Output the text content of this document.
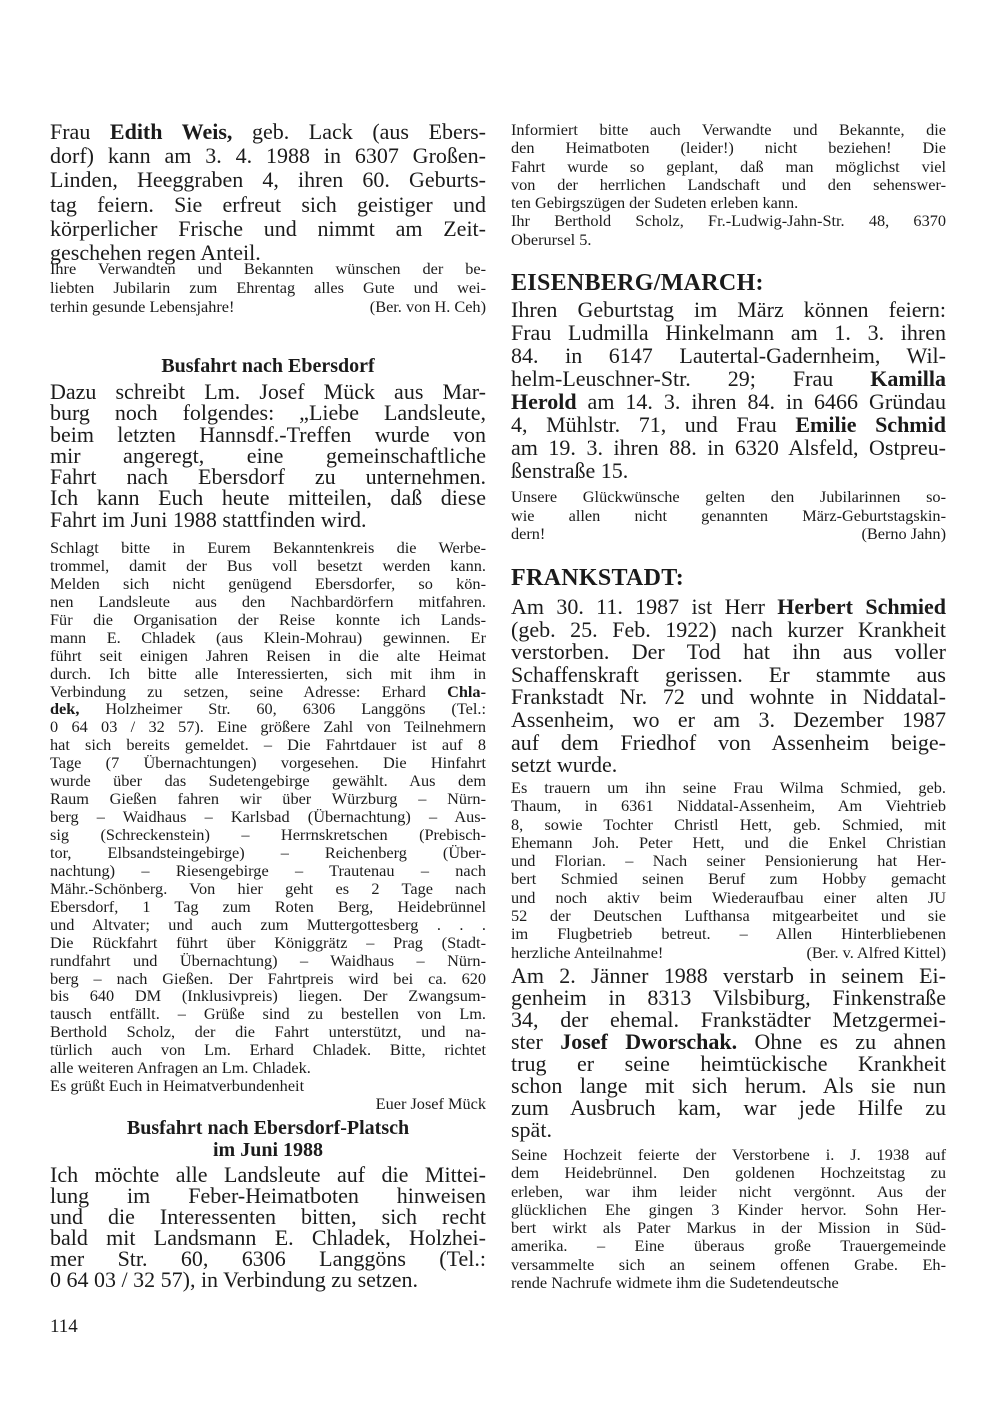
Frau Edith Weis, geb. Lack (aus Ebers-
dorf) kann am 3. 4. 1988 in 6307 Großen-
Linden, Heeggraben 4, ihren 60. Geburts-
tag feiern. Sie erfreut sich geistiger und
körperlicher Frische und nimmt am Zeit-
geschehen regen Anteil.
Ihre Verwandten und Bekannten wünschen der be-
liebten Jubilarin zum Ehrentag alles Gute und wei-
terhin gesunde Lebensjahre!	(Ber. von H. Ceh)
Busfahrt nach Ebersdorf
Dazu schreibt Lm. Josef Mück aus Mar-
burg noch folgendes: „Liebe Landsleute,
beim letzten Hannsdf.-Treffen wurde von
mir angeregt, eine gemeinschaftliche
Fahrt nach Ebersdorf zu unternehmen.
Ich kann Euch heute mitteilen, daß diese
Fahrt im Juni 1988 stattfinden wird.
Schlagt bitte in Eurem Bekanntenkreis die Werbe-
trommel, damit der Bus voll besetzt werden kann.
Melden sich nicht genügend Ebersdorfer, so kön-
nen Landsleute aus den Nachbardörfern mitfahren.
Für die Organisation der Reise konnte ich Lands-
mann E. Chladek (aus Klein-Mohrau) gewinnen. Er
führt seit einigen Jahren Reisen in die alte Heimat
durch. Ich bitte alle Interessierten, sich mit ihm in
Verbindung zu setzen, seine Adresse: Erhard Chla-
dek, Holzheimer Str. 60, 6306 Langgöns (Tel.:
0 64 03 / 32 57). Eine größere Zahl von Teilnehmern
hat sich bereits gemeldet. – Die Fahrtdauer ist auf 8
Tage (7 Übernachtungen) vorgesehen. Die Hinfahrt
wurde über das Sudetengebirge gewählt. Aus dem
Raum Gießen fahren wir über Würzburg – Nürn-
berg – Waidhaus – Karlsbad (Übernachtung) – Aus-
sig (Schreckenstein) – Herrnskretschen (Prebisch-
tor, Elbsandsteingebirge) – Reichenberg (Über-
nachtung) – Riesengebirge – Trautenau – nach
Mähr.-Schönberg. Von hier geht es 2 Tage nach
Ebersdorf, 1 Tag zum Roten Berg, Heidebrünnel
und Altvater; und auch zum Muttergottesberg . . .
Die Rückfahrt führt über Königgrätz – Prag (Stadt-
rundfahrt und Übernachtung) – Waidhaus – Nürn-
berg – nach Gießen. Der Fahrtpreis wird bei ca. 620
bis 640 DM (Inklusivpreis) liegen. Der Zwangsum-
tausch entfällt. – Grüße sind zu bestellen von Lm.
Berthold Scholz, der die Fahrt unterstützt, und na-
türlich auch von Lm. Erhard Chladek. Bitte, richtet
alle weiteren Anfragen an Lm. Chladek.
Es grüßt Euch in Heimatverbundenheit
Euer Josef Mück
Busfahrt nach Ebersdorf-Platsch
im Juni 1988
Ich möchte alle Landsleute auf die Mittei-
lung im Feber-Heimatboten hinweisen
und die Interessenten bitten, sich recht
bald mit Landsmann E. Chladek, Holzhei-
mer Str. 60, 6306 Langgöns (Tel.:
0 64 03 / 32 57), in Verbindung zu setzen.
114
Informiert bitte auch Verwandte und Bekannte, die
den Heimatboten (leider!) nicht beziehen! Die
Fahrt wurde so geplant, daß man möglichst viel
von der herrlichen Landschaft und den sehenswer-
ten Gebirgszügen der Sudeten erleben kann.
Ihr Berthold Scholz, Fr.-Ludwig-Jahn-Str. 48, 6370
Oberursel 5.
EISENBERG/MARCH:
Ihren Geburtstag im März können feiern:
Frau Ludmilla Hinkelmann am 1. 3. ihren
84. in 6147 Lautertal-Gadernheim, Wil-
helm-Leuschner-Str. 29; Frau Kamilla
Herold am 14. 3. ihren 84. in 6466 Gründau
4, Mühlstr. 71, und Frau Emilie Schmid
am 19. 3. ihren 88. in 6320 Alsfeld, Ostpreu-
ßenstraße 15.
Unsere Glückwünsche gelten den Jubilarinnen so-
wie allen nicht genannten März-Geburtstagskin-
dern!	(Berno Jahn)
FRANKSTADT:
Am 30. 11. 1987 ist Herr Herbert Schmied
(geb. 25. Feb. 1922) nach kurzer Krankheit
verstorben. Der Tod hat ihn aus voller
Schaffenskraft gerissen. Er stammte aus
Frankstadt Nr. 72 und wohnte in Niddatal-
Assenheim, wo er am 3. Dezember 1987
auf dem Friedhof von Assenheim beige-
setzt wurde.
Es trauern um ihn seine Frau Wilma Schmied, geb.
Thaum, in 6361 Niddatal-Assenheim, Am Viehtrieb
8, sowie Tochter Christl Hett, geb. Schmied, mit
Ehemann Joh. Peter Hett, und die Enkel Christian
und Florian. – Nach seiner Pensionierung hat Her-
bert Schmied seinen Beruf zum Hobby gemacht
und noch aktiv beim Wiederaufbau einer alten JU
52 der Deutschen Lufthansa mitgearbeitet und sie
im Flugbetrieb betreut. – Allen Hinterbliebenen
herzliche Anteilnahme!	(Ber. v. Alfred Kittel)
Am 2. Jänner 1988 verstarb in seinem Ei-
genheim in 8313 Vilsbiburg, Finkenstraße
34, der ehemal. Frankstädter Metzgermei-
ster Josef Dworschak. Ohne es zu ahnen
trug er seine heimtückische Krankheit
schon lange mit sich herum. Als sie nun
zum Ausbruch kam, war jede Hilfe zu
spät.
Seine Hochzeit feierte der Verstorbene i. J. 1938 auf
dem Heidebrünnel. Den goldenen Hochzeitstag zu
erleben, war ihm leider nicht vergönnt. Aus der
glücklichen Ehe gingen 3 Kinder hervor. Sohn Her-
bert wirkt als Pater Markus in der Mission in Süd-
amerika. – Eine überaus große Trauergemeinde
versammelte sich an seinem offenen Grabe. Eh-
rende Nachrufe widmete ihm die Sudetendeutsche
